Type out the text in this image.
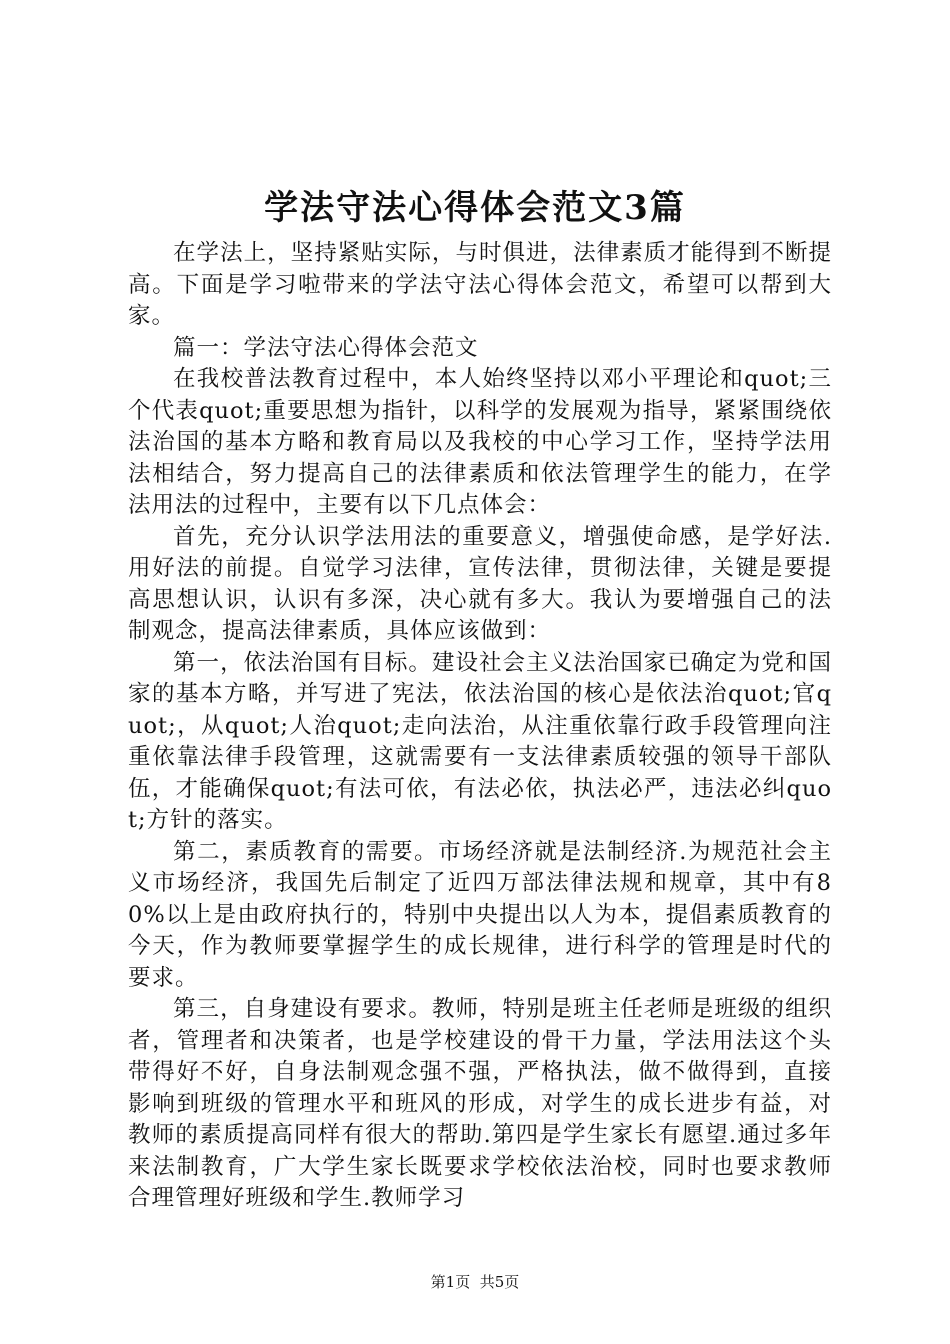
学法守法心得体会范文3篇

在学法上，坚持紧贴实际，与时俱进，法律素质才能得到不断提高。下面是学习啦带来的学法守法心得体会范文，希望可以帮到大家。

篇一：学法守法心得体会范文

在我校普法教育过程中，本人始终坚持以邓小平理论和quot;三个代表quot;重要思想为指针，以科学的发展观为指导，紧紧围绕依法治国的基本方略和教育局以及我校的中心学习工作，坚持学法用法相结合，努力提高自己的法律素质和依法管理学生的能力，在学法用法的过程中，主要有以下几点体会：

首先，充分认识学法用法的重要意义，增强使命感，是学好法.用好法的前提。自觉学习法律，宣传法律，贯彻法律，关键是要提高思想认识，认识有多深，决心就有多大。我认为要增强自己的法制观念，提高法律素质，具体应该做到：

第一，依法治国有目标。建设社会主义法治国家已确定为党和国家的基本方略，并写进了宪法，依法治国的核心是依法治quot;官quot;，从quot;人治quot;走向法治，从注重依靠行政手段管理向注重依靠法律手段管理，这就需要有一支法律素质较强的领导干部队伍，才能确保quot;有法可依，有法必依，执法必严，违法必纠quot;方针的落实。

第二，素质教育的需要。市场经济就是法制经济.为规范社会主义市场经济，我国先后制定了近四万部法律法规和规章，其中有80%以上是由政府执行的，特别中央提出以人为本，提倡素质教育的今天，作为教师要掌握学生的成长规律，进行科学的管理是时代的要求。

第三，自身建设有要求。教师，特别是班主任老师是班级的组织者，管理者和决策者，也是学校建设的骨干力量，学法用法这个头带得好不好，自身法制观念强不强，严格执法，做不做得到，直接影响到班级的管理水平和班风的形成，对学生的成长进步有益，对教师的素质提高同样有很大的帮助.第四是学生家长有愿望.通过多年来法制教育，广大学生家长既要求学校依法治校，同时也要求教师合理管理好班级和学生.教师学习

第1页 共5页
